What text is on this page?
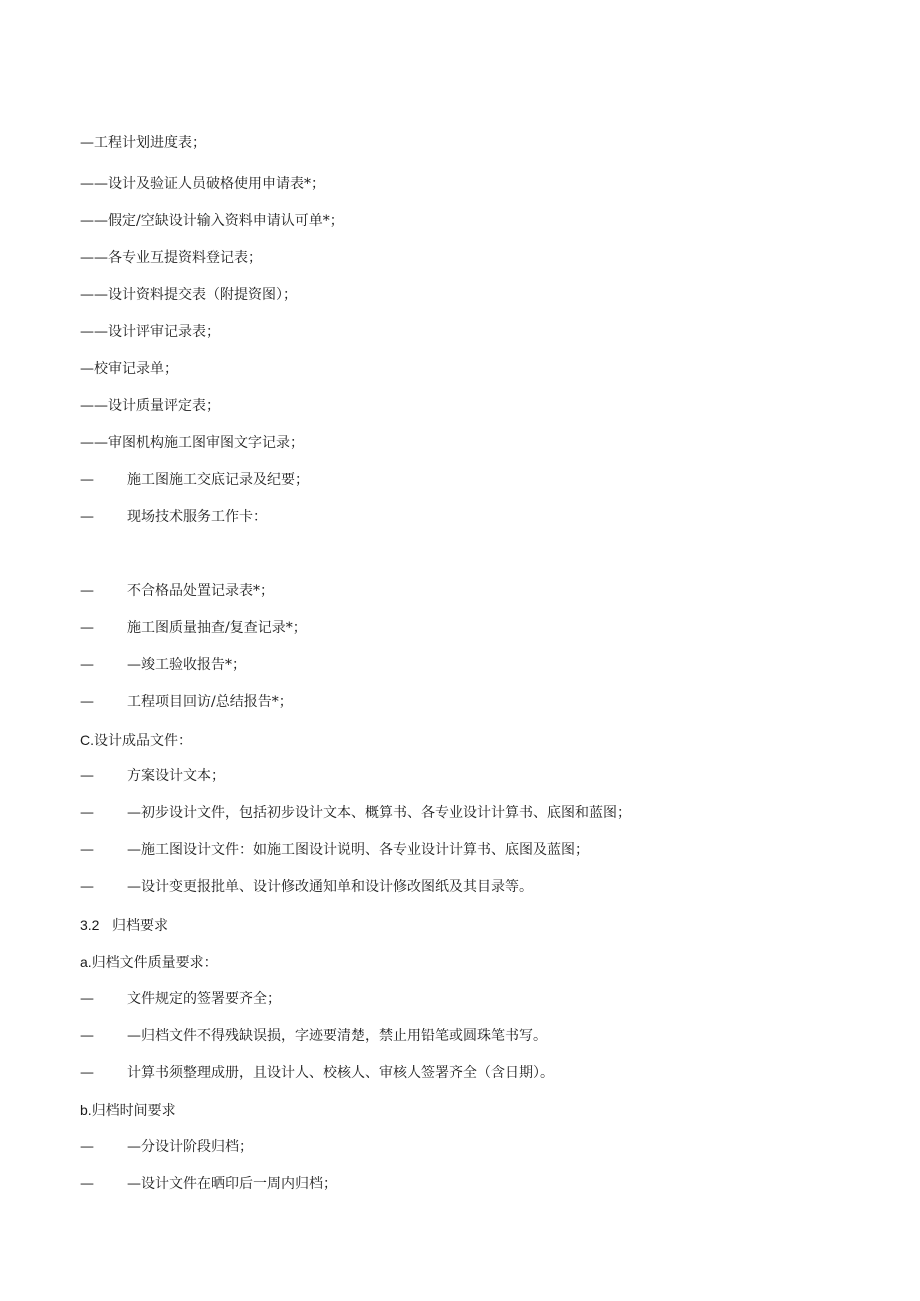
—工程计划进度表；
——设计及验证人员破格使用申请表*；
——假定/空缺设计输入资料申请认可单*；
——各专业互提资料登记表；
——设计资料提交表（附提资图）；
——设计评审记录表；
—校审记录单；
——设计质量评定表；
——审图机构施工图审图文字记录；
— 施工图施工交底记录及纪要；
— 现场技术服务工作卡：
— 不合格品处置记录表*；
— 施工图质量抽查/复查记录*；
— —竣工验收报告*；
— 工程项目回访/总结报告*；
C.设计成品文件：
— 方案设计文本；
— —初步设计文件，包括初步设计文本、概算书、各专业设计计算书、底图和蓝图；
— —施工图设计文件：如施工图设计说明、各专业设计计算书、底图及蓝图；
— —设计变更报批单、设计修改通知单和设计修改图纸及其目录等。
3.2 归档要求
a.归档文件质量要求：
— 文件规定的签署要齐全；
— —归档文件不得残缺误损，字迹要清楚，禁止用铅笔或圆珠笔书写。
— 计算书须整理成册，且设计人、校核人、审核人签署齐全（含日期）。
b.归档时间要求
— —分设计阶段归档；
— —设计文件在晒印后一周内归档；
